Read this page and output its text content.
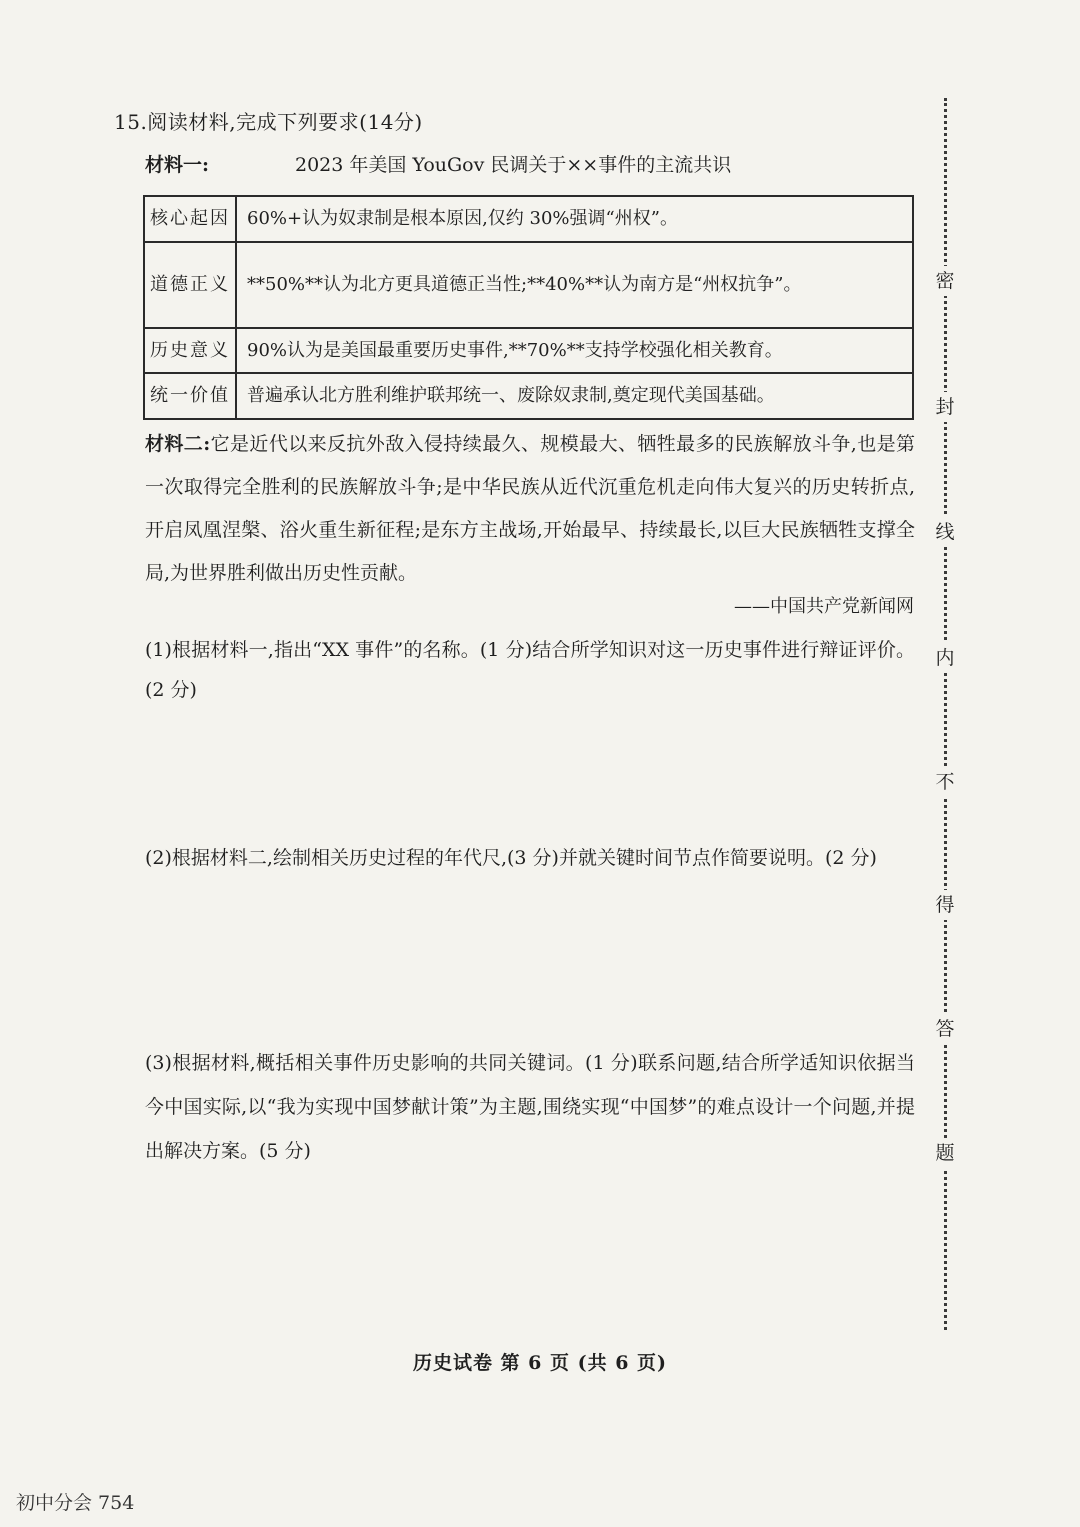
15.阅读材料,完成下列要求(14分)
材料一:	2023 年美国 YouGov 民调关于××事件的主流共识
核心起因	60%+认为奴隶制是根本原因,仅约 30%强调“州权”。
道德正义	**50%**认为北方更具道德正当性;**40%**认为南方是“州权抗争”。
历史意义	90%认为是美国最重要历史事件,**70%**支持学校强化相关教育。
统一价值	普遍承认北方胜利维护联邦统一、废除奴隶制,奠定现代美国基础。
材料二:它是近代以来反抗外敌入侵持续最久、规模最大、牺牲最多的民族解放斗争,也是第一次取得完全胜利的民族解放斗争;是中华民族从近代沉重危机走向伟大复兴的历史转折点,开启凤凰涅槃、浴火重生新征程;是东方主战场,开始最早、持续最长,以巨大民族牺牲支撑全局,为世界胜利做出历史性贡献。
——中国共产党新闻网
(1)根据材料一,指出“XX 事件”的名称。(1 分)结合所学知识对这一历史事件进行辩证评价。(2 分)
(2)根据材料二,绘制相关历史过程的年代尺,(3 分)并就关键时间节点作简要说明。(2 分)
(3)根据材料,概括相关事件历史影响的共同关键词。(1 分)联系问题,结合所学适知识依据当今中国实际,以“我为实现中国梦献计策”为主题,围绕实现“中国梦”的难点设计一个问题,并提出解决方案。(5 分)
密
封
线
内
不
得
答
题
历史试卷 第 6 页 (共 6 页)
初中分会 754
